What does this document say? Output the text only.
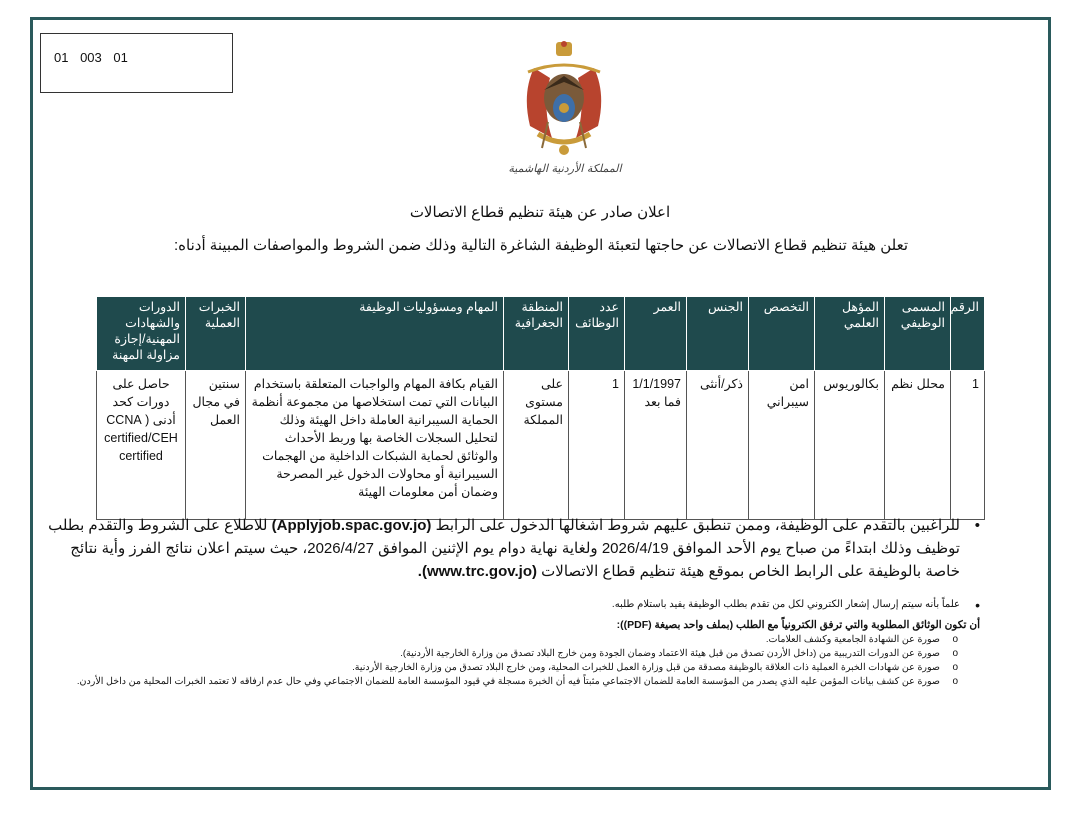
01 003 01
المملكة الأردنية الهاشمية
اعلان صادر عن هيئة تنظيم قطاع الاتصالات
تعلن هيئة تنظيم قطاع الاتصالات عن حاجتها لتعبئة الوظيفة الشاغرة التالية وذلك ضمن الشروط والمواصفات المبينة أدناه:
الرقم	المسمى الوظيفي	المؤهل العلمي	التخصص	الجنس	العمر	عدد الوظائف	المنطقة الجغرافية	المهام ومسؤوليات الوظيفة	الخبرات العملية	الدورات والشهادات المهنية/إجازة مزاولة المهنة
1	محلل نظم	بكالوريوس	امن سيبراني	ذكر/أنثى	1/1/1997 فما بعد	1	على مستوى المملكة	القيام بكافة المهام والواجبات المتعلقة باستخدام البيانات التي تمت استخلاصها من مجموعة أنظمة الحماية السيبرانية العاملة داخل الهيئة وذلك لتحليل السجلات الخاصة بها وربط الأحداث والوثائق لحماية الشبكات الداخلية من الهجمات السيبرانية أو محاولات الدخول غير المصرحة وضمان أمن معلومات الهيئة	سنتين في مجال العمل	حاصل على دورات كحد أدنى ( CCNA certified/CEH certified
• للراغبين بالتقدم على الوظيفة، وممن تنطبق عليهم شروط اشغالها الدخول على الرابط (Applyjob.spac.gov.jo) للاطلاع على الشروط والتقدم بطلب توظيف وذلك ابتداءً من صباح يوم الأحد الموافق 2026/4/19 ولغاية نهاية دوام يوم الإثنين الموافق 2026/4/27، حيث سيتم اعلان نتائج الفرز وأية نتائج خاصة بالوظيفة على الرابط الخاص بموقع هيئة تنظيم قطاع الاتصالات (www.trc.gov.jo).
• علماً بأنه سيتم إرسال إشعار الكتروني لكل من تقدم بطلب الوظيفة يفيد باستلام طلبه.
أن تكون الوثائق المطلوبة والتي ترفق الكترونياً مع الطلب (بملف واحد بصيغة (PDF)):
o صورة عن الشهادة الجامعية وكشف العلامات.
o صورة عن الدورات التدريبية من (داخل الأردن تصدق من قبل هيئة الاعتماد وضمان الجودة ومن خارج البلاد تصدق من وزارة الخارجية الأردنية).
o صورة عن شهادات الخبرة العملية ذات العلاقة بالوظيفة مصدقة من قبل وزارة العمل للخبرات المحلية، ومن خارج البلاد تصدق من وزارة الخارجية الأردنية.
o صورة عن كشف بيانات المؤمن عليه الذي يصدر من المؤسسة العامة للضمان الاجتماعي مثبتاً فيه أن الخبرة مسجلة في قيود المؤسسة العامة للضمان الاجتماعي وفي حال عدم ارفاقه لا تعتمد الخبرات المحلية من داخل الأردن.
